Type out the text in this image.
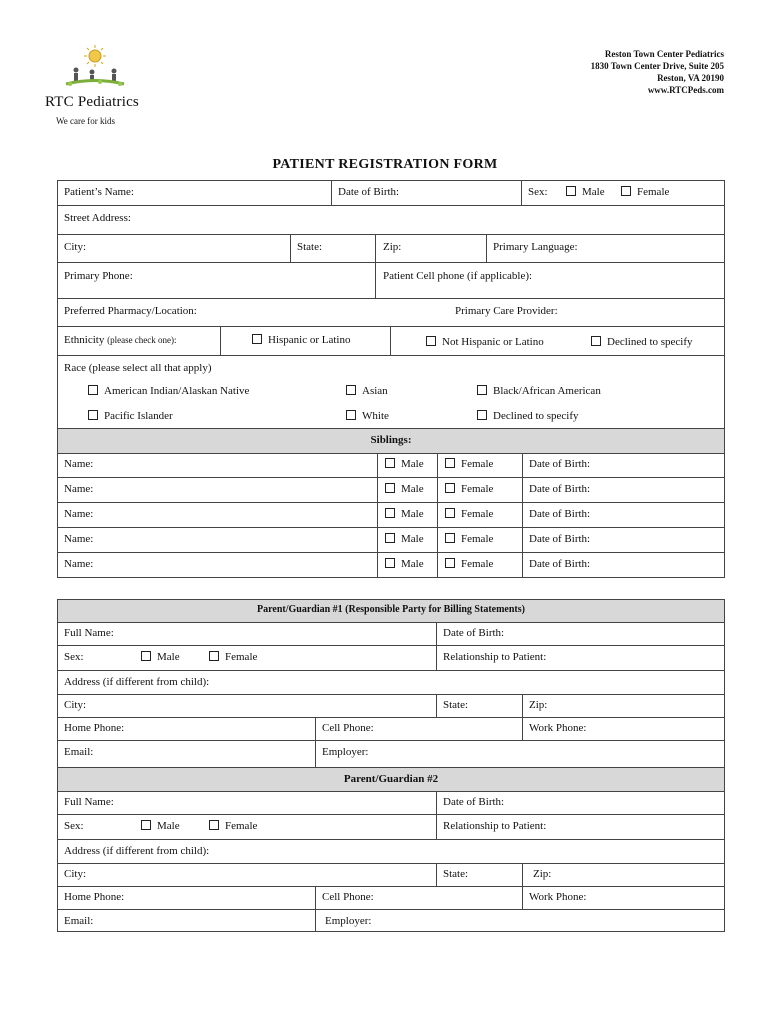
RTC Pediatrics
We care for kids
Reston Town Center Pediatrics
1830 Town Center Drive, Suite 205
Reston, VA 20190
www.RTCPeds.com
PATIENT REGISTRATION FORM
Patient’s Name:	Date of Birth:	Sex:	Male	Female
Street Address:
City:	State:	Zip:	Primary Language:
Primary Phone:	Patient Cell phone (if applicable):
Preferred Pharmacy/Location:	Primary Care Provider:
Ethnicity (please check one):	Hispanic or Latino	Not Hispanic or Latino	Declined to specify
Race (please select all that apply)
American Indian/Alaskan Native	Asian	Black/African American
Pacific Islander	White	Declined to specify
Siblings:
Name:	Male	Female	Date of Birth:
Name:	Male	Female	Date of Birth:
Name:	Male	Female	Date of Birth:
Name:	Male	Female	Date of Birth:
Name:	Male	Female	Date of Birth:
Parent/Guardian #1 (Responsible Party for Billing Statements)
Full Name:	Date of Birth:
Sex:	Male	Female	Relationship to Patient:
Address (if different from child):
City:	State:	Zip:
Home Phone:	Cell Phone:	Work Phone:
Email:	Employer:
Parent/Guardian #2
Full Name:	Date of Birth:
Sex:	Male	Female	Relationship to Patient:
Address (if different from child):
City:	State:	Zip:
Home Phone:	Cell Phone:	Work Phone:
Email:	Employer:
